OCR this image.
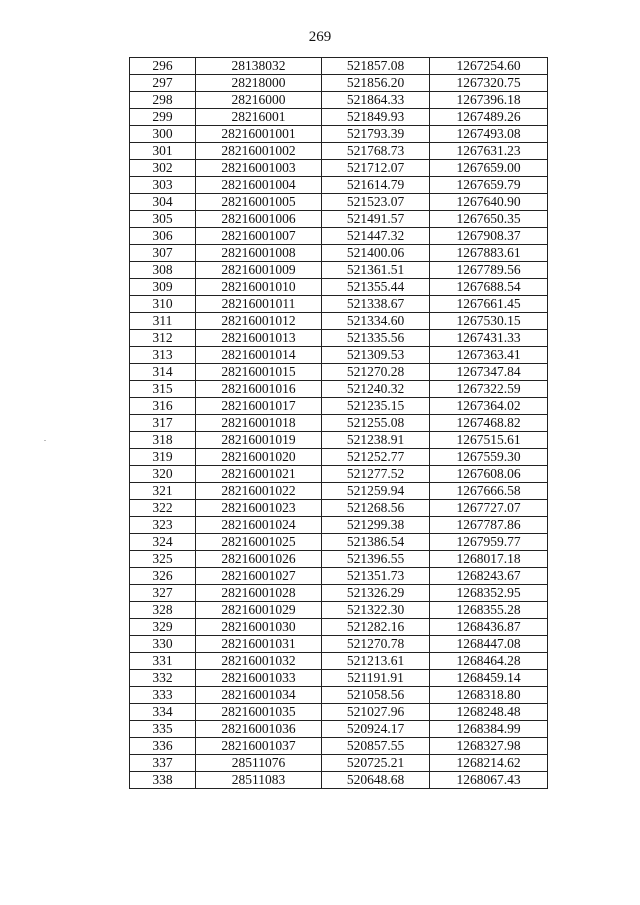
269
296	28138032	521857.08	1267254.60
297	28218000	521856.20	1267320.75
298	28216000	521864.33	1267396.18
299	28216001	521849.93	1267489.26
300	28216001001	521793.39	1267493.08
301	28216001002	521768.73	1267631.23
302	28216001003	521712.07	1267659.00
303	28216001004	521614.79	1267659.79
304	28216001005	521523.07	1267640.90
305	28216001006	521491.57	1267650.35
306	28216001007	521447.32	1267908.37
307	28216001008	521400.06	1267883.61
308	28216001009	521361.51	1267789.56
309	28216001010	521355.44	1267688.54
310	28216001011	521338.67	1267661.45
311	28216001012	521334.60	1267530.15
312	28216001013	521335.56	1267431.33
313	28216001014	521309.53	1267363.41
314	28216001015	521270.28	1267347.84
315	28216001016	521240.32	1267322.59
316	28216001017	521235.15	1267364.02
317	28216001018	521255.08	1267468.82
318	28216001019	521238.91	1267515.61
319	28216001020	521252.77	1267559.30
320	28216001021	521277.52	1267608.06
321	28216001022	521259.94	1267666.58
322	28216001023	521268.56	1267727.07
323	28216001024	521299.38	1267787.86
324	28216001025	521386.54	1267959.77
325	28216001026	521396.55	1268017.18
326	28216001027	521351.73	1268243.67
327	28216001028	521326.29	1268352.95
328	28216001029	521322.30	1268355.28
329	28216001030	521282.16	1268436.87
330	28216001031	521270.78	1268447.08
331	28216001032	521213.61	1268464.28
332	28216001033	521191.91	1268459.14
333	28216001034	521058.56	1268318.80
334	28216001035	521027.96	1268248.48
335	28216001036	520924.17	1268384.99
336	28216001037	520857.55	1268327.98
337	28511076	520725.21	1268214.62
338	28511083	520648.68	1268067.43
